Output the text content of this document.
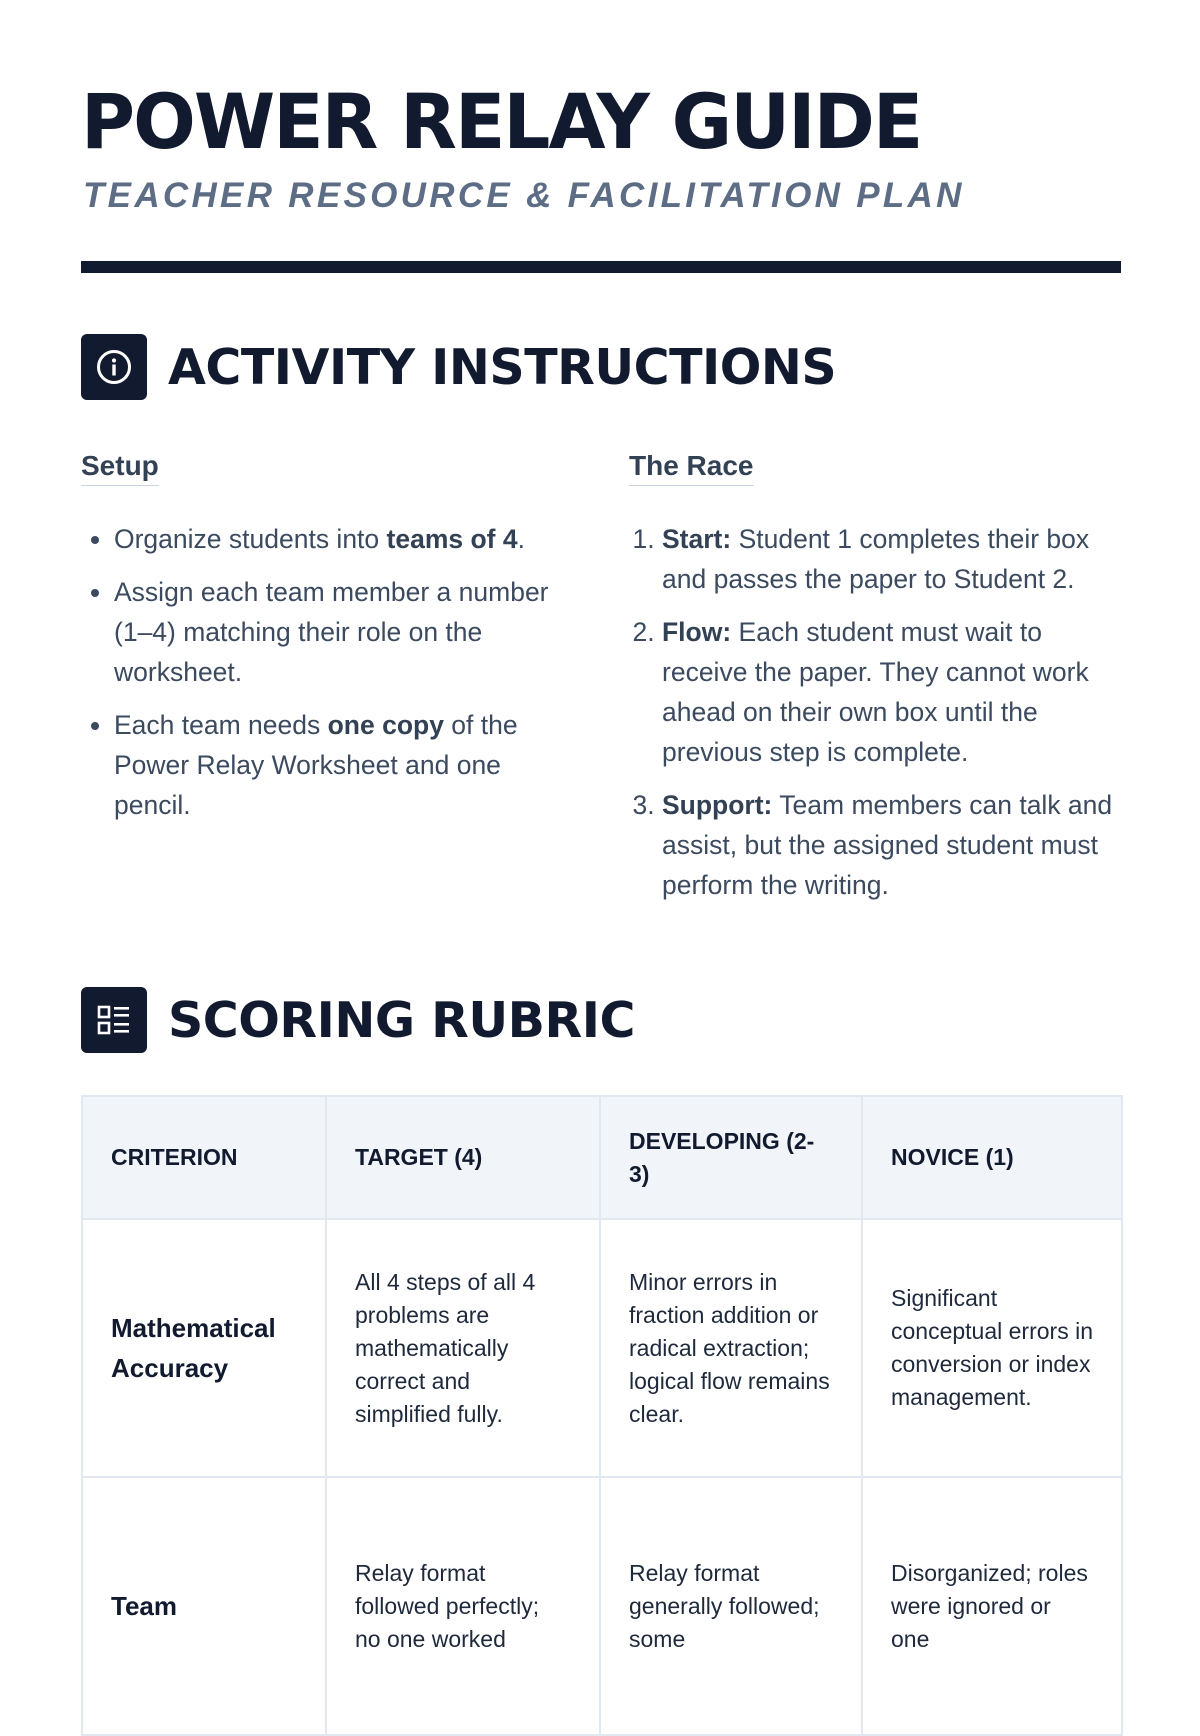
POWER RELAY GUIDE

TEACHER RESOURCE & FACILITATION PLAN

ACTIVITY INSTRUCTIONS
Setup
• Organize students into teams of 4.
• Assign each team member a number (1–4) matching their role on the worksheet.
• Each team needs one copy of the Power Relay Worksheet and one pencil.
The Race
1. Start: Student 1 completes their box and passes the paper to Student 2.
2. Flow: Each student must wait to receive the paper. They cannot work ahead on their own box until the previous step is complete.
3. Support: Team members can talk and assist, but the assigned student must perform the writing.
SCORING RUBRIC
CRITERION	TARGET (4)	DEVELOPING (2-3)	NOVICE (1)
Mathematical Accuracy	All 4 steps of all 4 problems are mathematically correct and simplified fully.	Minor errors in fraction addition or radical extraction; logical flow remains clear.	Significant conceptual errors in conversion or index management.
Team	Relay format followed perfectly; no one worked	Relay format generally followed; some	Disorganized; roles were ignored or one
